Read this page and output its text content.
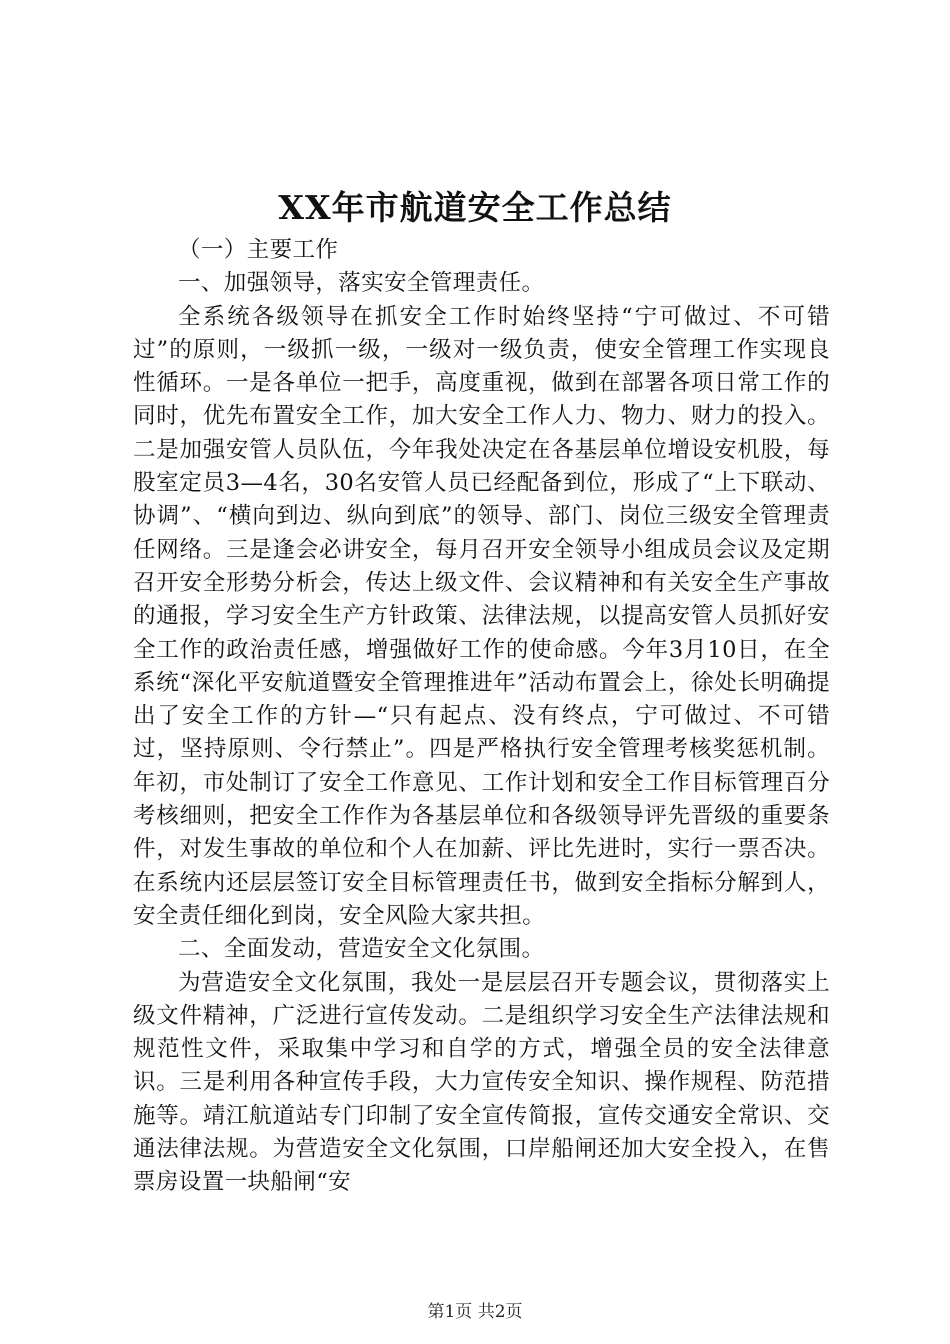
XX年市航道安全工作总结

（一）主要工作

一、加强领导，落实安全管理责任。

全系统各级领导在抓安全工作时始终坚持“宁可做过、不可错过”的原则，一级抓一级，一级对一级负责，使安全管理工作实现良性循环。一是各单位一把手，高度重视，做到在部署各项日常工作的同时，优先布置安全工作，加大安全工作人力、物力、财力的投入。二是加强安管人员队伍，今年我处决定在各基层单位增设安机股，每股室定员3—4名，30名安管人员已经配备到位，形成了“上下联动、协调”、“横向到边、纵向到底”的领导、部门、岗位三级安全管理责任网络。三是逢会必讲安全，每月召开安全领导小组成员会议及定期召开安全形势分析会，传达上级文件、会议精神和有关安全生产事故的通报，学习安全生产方针政策、法律法规，以提高安管人员抓好安全工作的政治责任感，增强做好工作的使命感。今年3月10日，在全系统“深化平安航道暨安全管理推进年”活动布置会上，徐处长明确提出了安全工作的方针—“只有起点、没有终点，宁可做过、不可错过，坚持原则、令行禁止”。四是严格执行安全管理考核奖惩机制。年初，市处制订了安全工作意见、工作计划和安全工作目标管理百分考核细则，把安全工作作为各基层单位和各级领导评先晋级的重要条件，对发生事故的单位和个人在加薪、评比先进时，实行一票否决。在系统内还层层签订安全目标管理责任书，做到安全指标分解到人，安全责任细化到岗，安全风险大家共担。

二、全面发动，营造安全文化氛围。

为营造安全文化氛围，我处一是层层召开专题会议，贯彻落实上级文件精神，广泛进行宣传发动。二是组织学习安全生产法律法规和规范性文件，采取集中学习和自学的方式，增强全员的安全法律意识。三是利用各种宣传手段，大力宣传安全知识、操作规程、防范措施等。靖江航道站专门印制了安全宣传简报，宣传交通安全常识、交通法律法规。为营造安全文化氛围，口岸船闸还加大安全投入，在售票房设置一块船闸“安

第1页 共2页
